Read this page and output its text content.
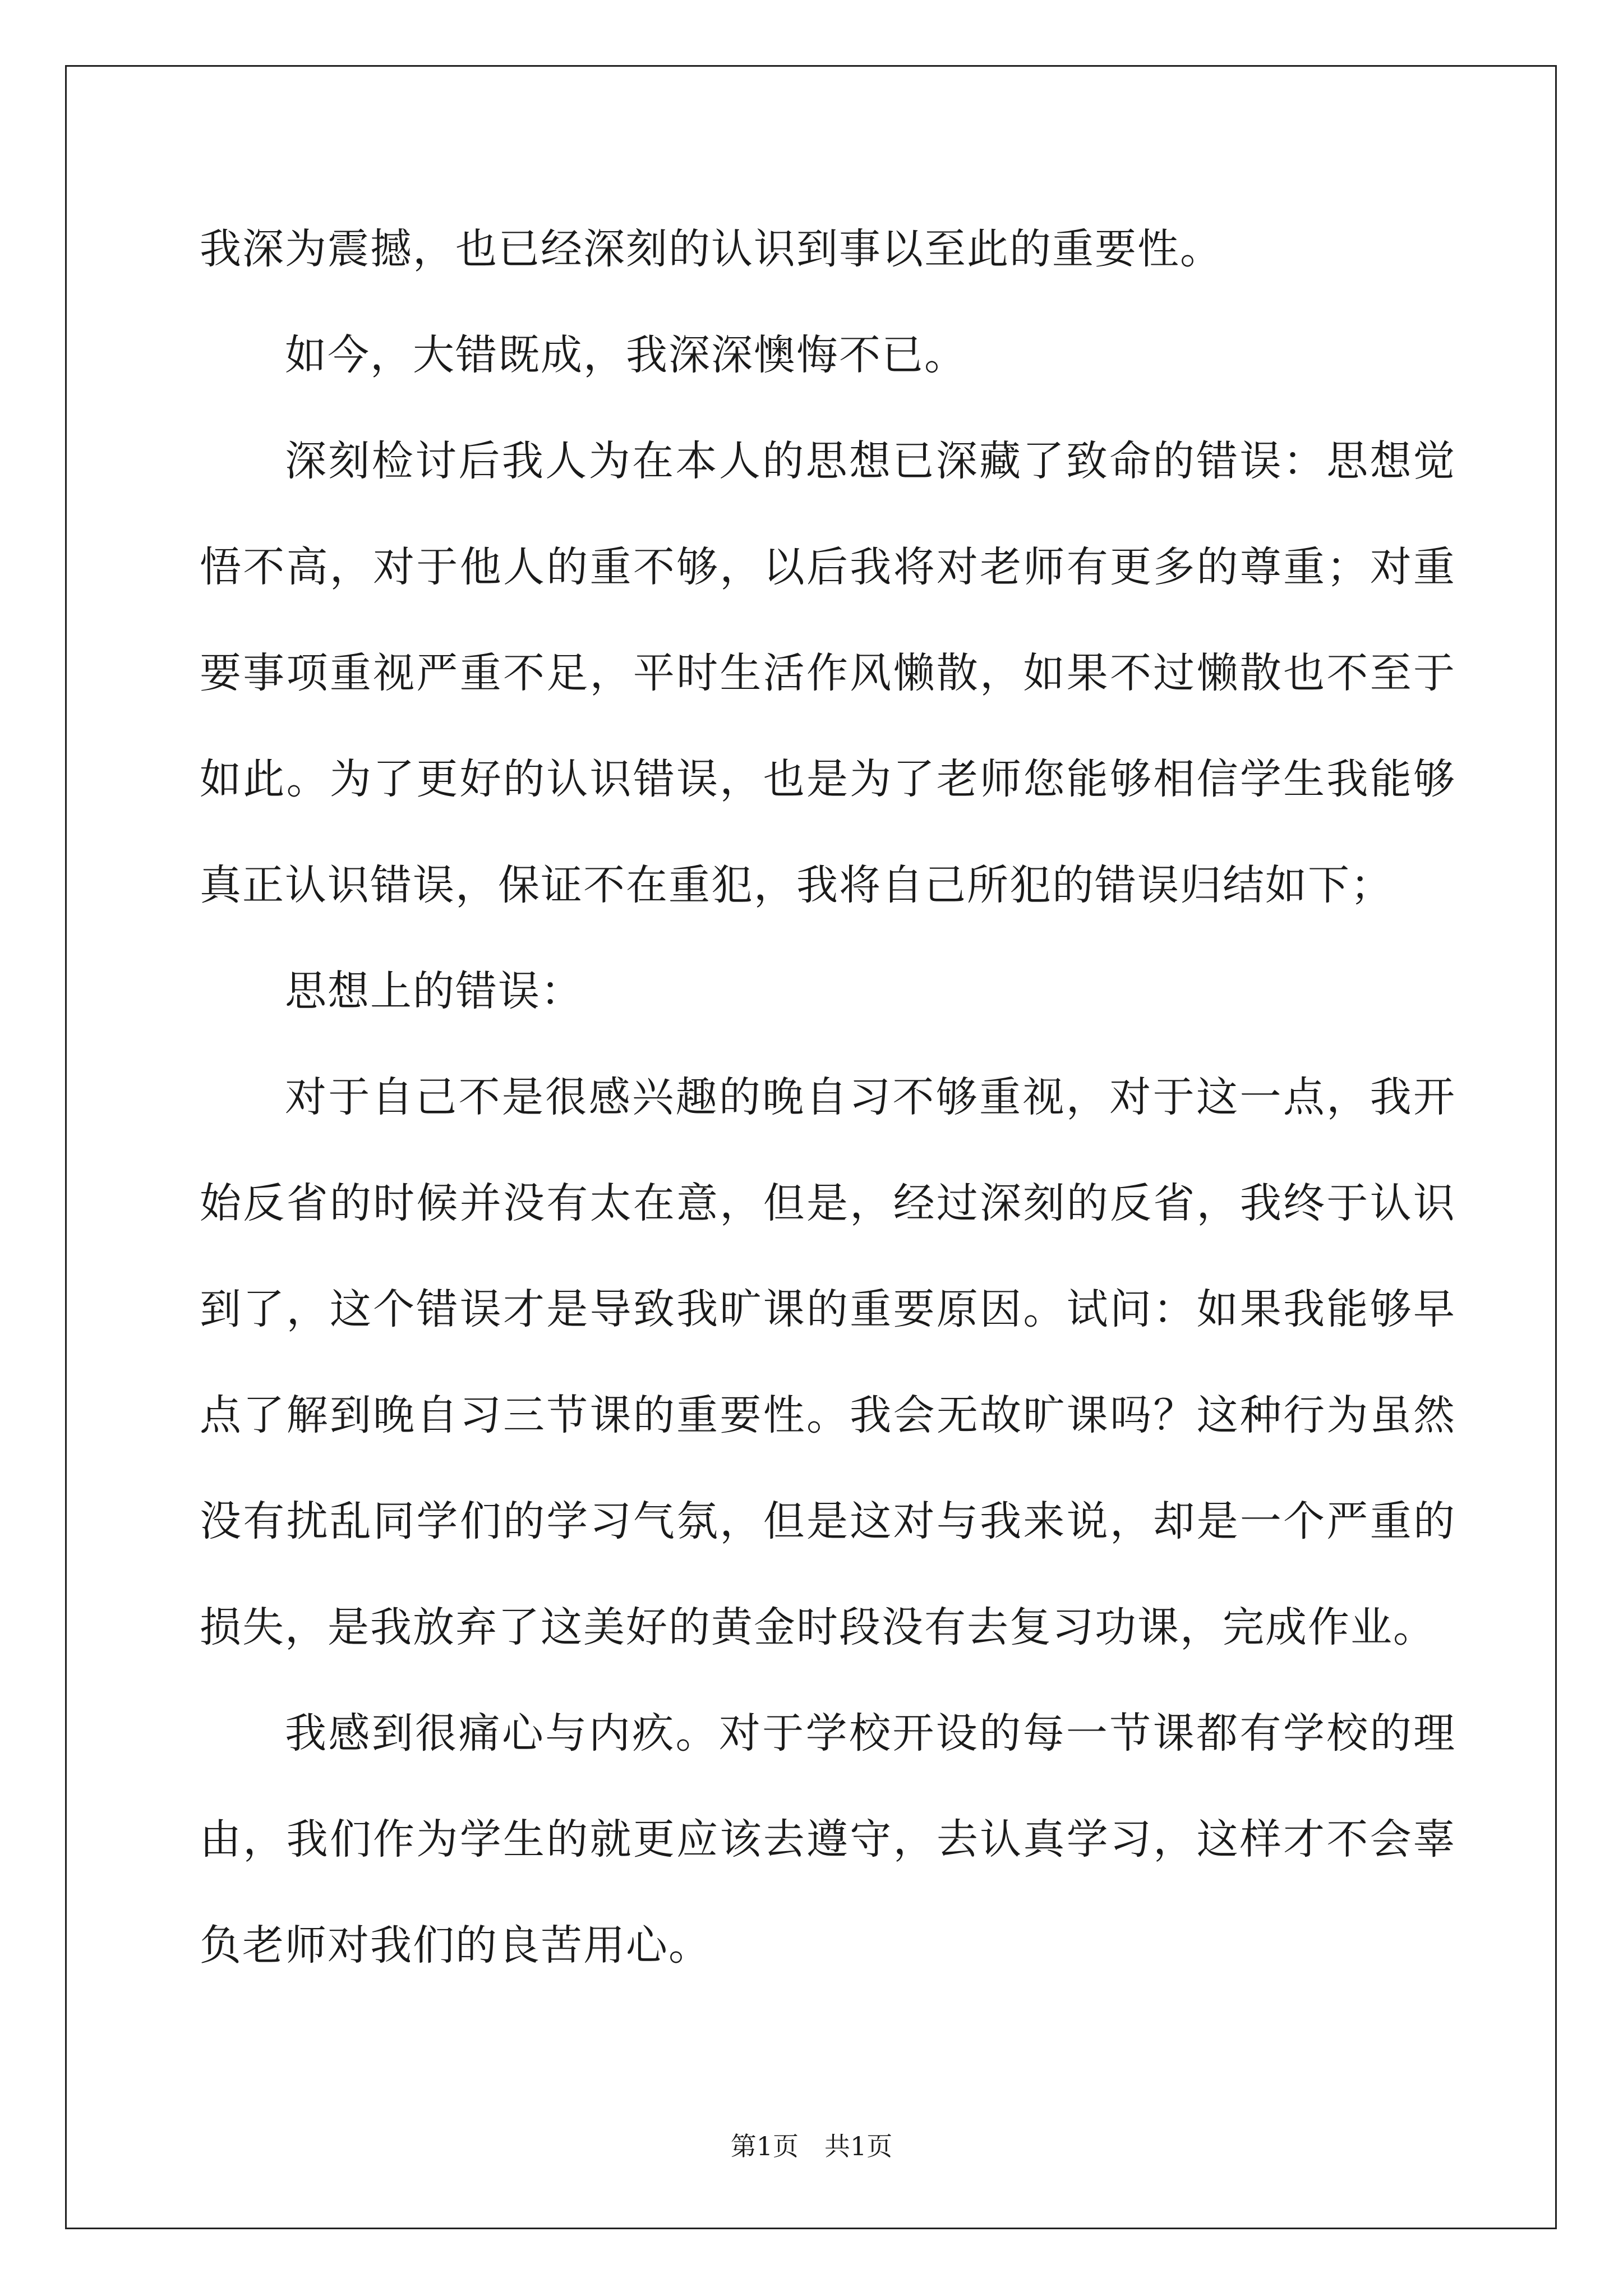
我深为震撼，也已经深刻的认识到事以至此的重要性。

如今，大错既成，我深深懊悔不已。

深刻检讨后我人为在本人的思想已深藏了致命的错误：思想觉悟不高，对于他人的重不够，以后我将对老师有更多的尊重；对重要事项重视严重不足，平时生活作风懒散，如果不过懒散也不至于如此。为了更好的认识错误，也是为了老师您能够相信学生我能够真正认识错误，保证不在重犯，我将自己所犯的错误归结如下；

思想上的错误：

对于自己不是很感兴趣的晚自习不够重视，对于这一点，我开始反省的时候并没有太在意，但是，经过深刻的反省，我终于认识到了，这个错误才是导致我旷课的重要原因。试问：如果我能够早点了解到晚自习三节课的重要性。我会无故旷课吗？这种行为虽然没有扰乱同学们的学习气氛，但是这对与我来说，却是一个严重的损失，是我放弃了这美好的黄金时段没有去复习功课，完成作业。

我感到很痛心与内疚。对于学校开设的每一节课都有学校的理由，我们作为学生的就更应该去遵守，去认真学习，这样才不会辜负老师对我们的良苦用心。

第1页 共1页
